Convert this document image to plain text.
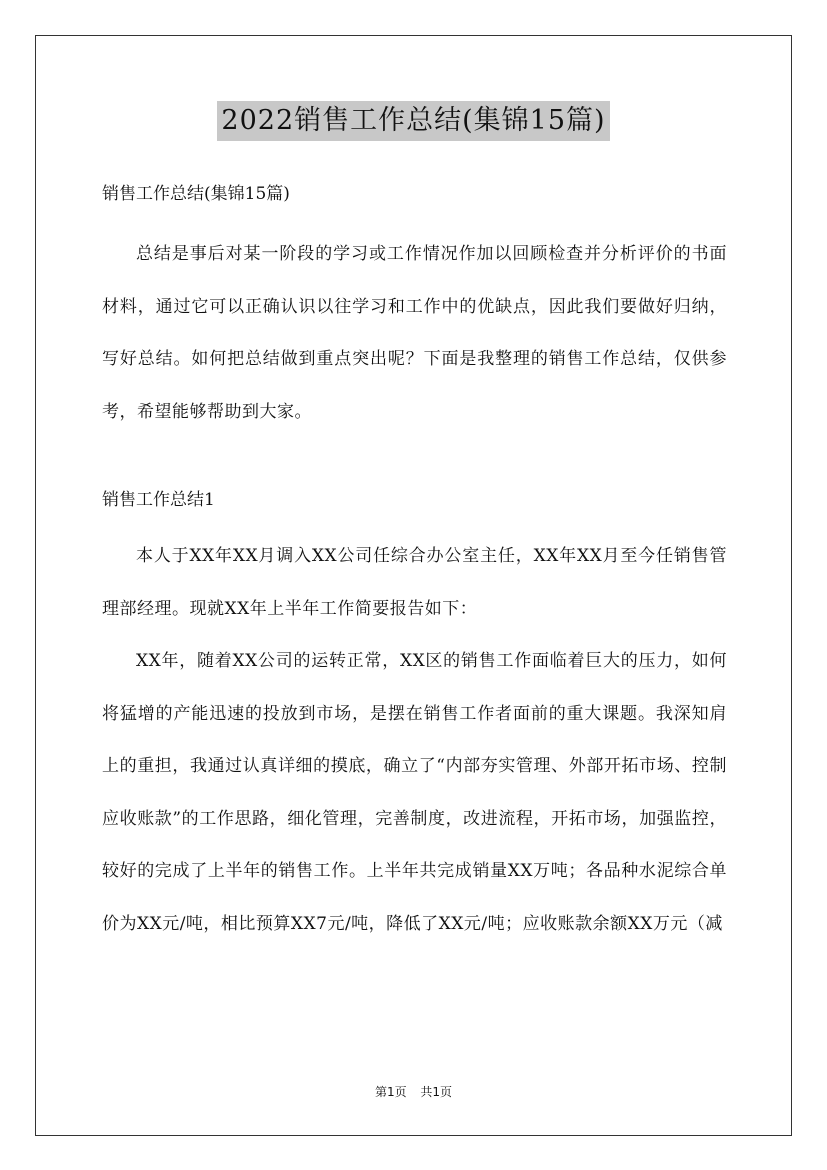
2022销售工作总结(集锦15篇)

销售工作总结(集锦15篇)

总结是事后对某一阶段的学习或工作情况作加以回顾检查并分析评价的书面材料，通过它可以正确认识以往学习和工作中的优缺点，因此我们要做好归纳，写好总结。如何把总结做到重点突出呢？下面是我整理的销售工作总结，仅供参考，希望能够帮助到大家。

销售工作总结1

本人于XX年XX月调入XX公司任综合办公室主任，XX年XX月至今任销售管理部经理。现就XX年上半年工作简要报告如下：

XX年，随着XX公司的运转正常，XX区的销售工作面临着巨大的压力，如何将猛增的产能迅速的投放到市场，是摆在销售工作者面前的重大课题。我深知肩上的重担，我通过认真详细的摸底，确立了“内部夯实管理、外部开拓市场、控制应收账款”的工作思路，细化管理，完善制度，改进流程，开拓市场，加强监控，较好的完成了上半年的销售工作。上半年共完成销量XX万吨；各品种水泥综合单价为XX元/吨，相比预算XX7元/吨，降低了XX元/吨；应收账款余额XX万元（减

第1页 共1页
